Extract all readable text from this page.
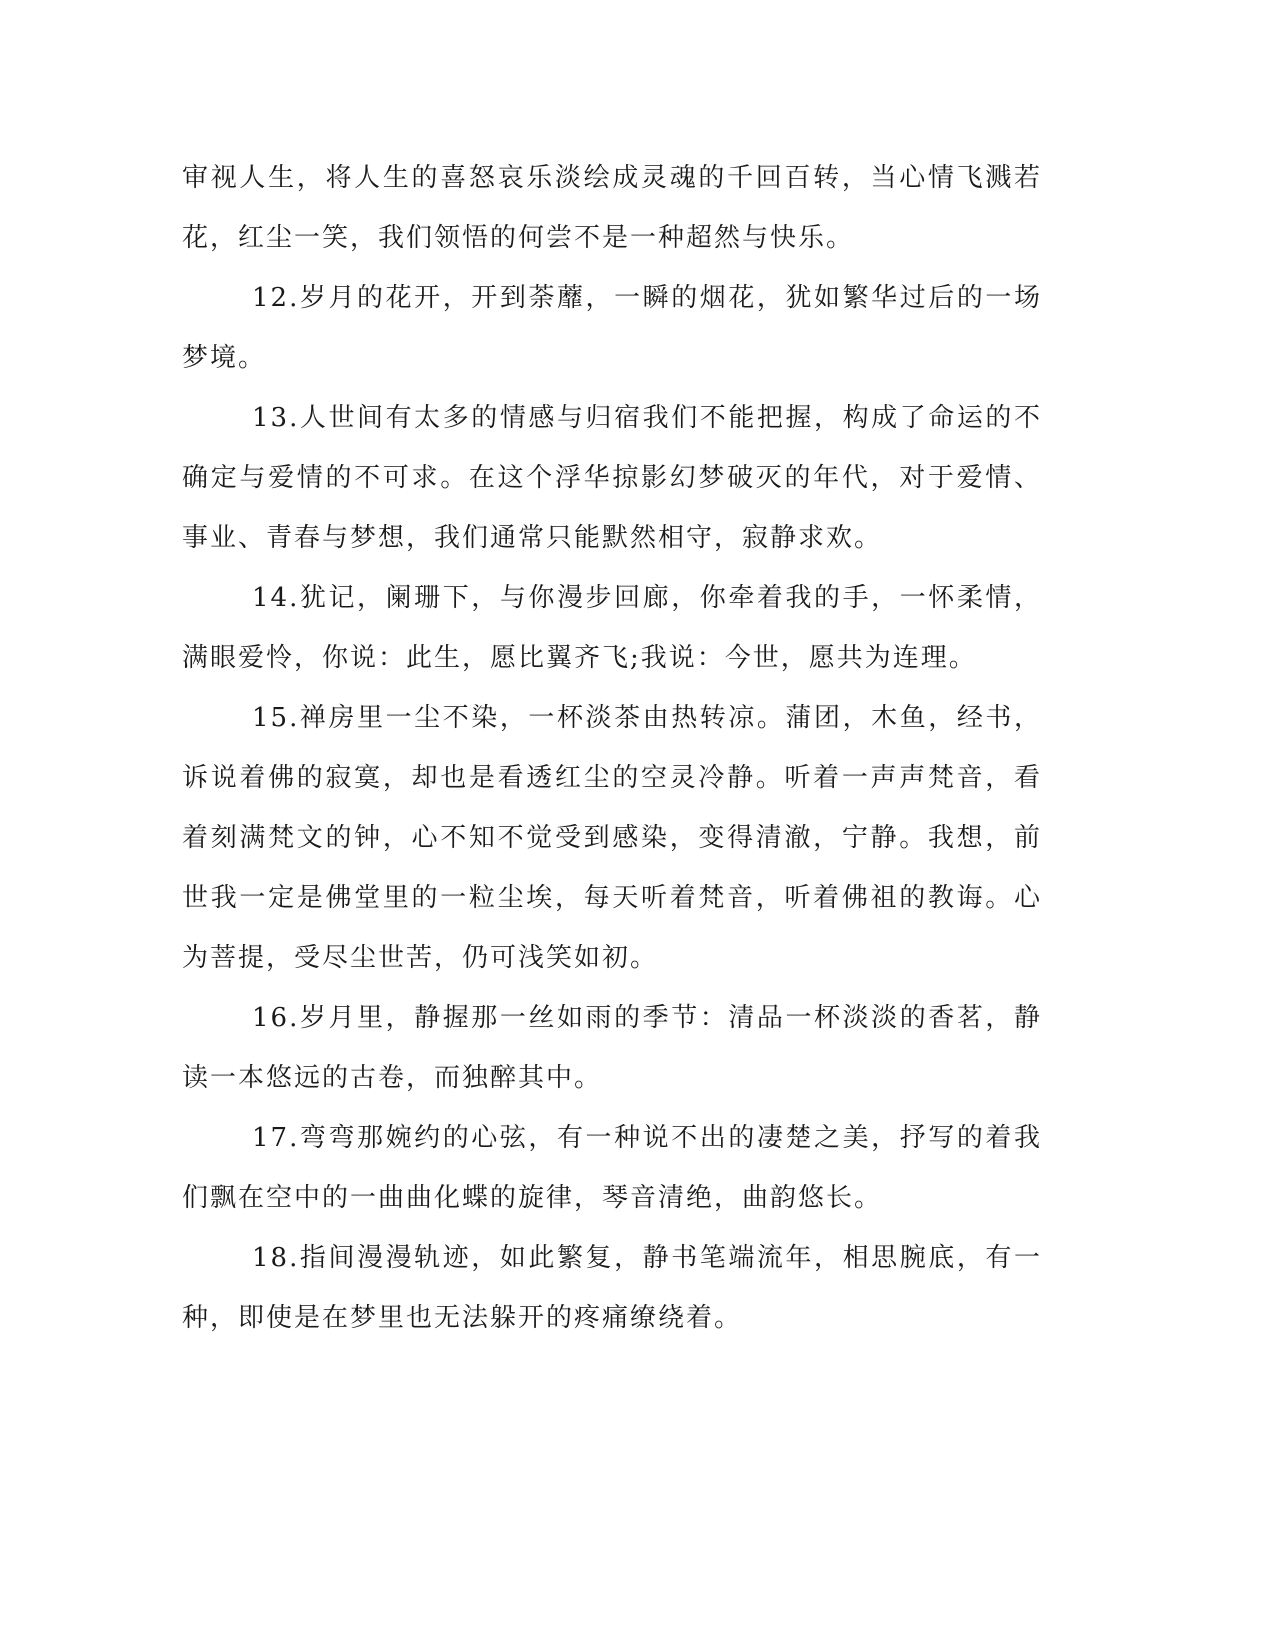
审视人生，将人生的喜怒哀乐淡绘成灵魂的千回百转，当心情飞溅若花，红尘一笑，我们领悟的何尝不是一种超然与快乐。

12.岁月的花开，开到荼蘼，一瞬的烟花，犹如繁华过后的一场梦境。

13.人世间有太多的情感与归宿我们不能把握，构成了命运的不确定与爱情的不可求。在这个浮华掠影幻梦破灭的年代，对于爱情、事业、青春与梦想，我们通常只能默然相守，寂静求欢。

14.犹记，阑珊下，与你漫步回廊，你牵着我的手，一怀柔情，满眼爱怜，你说：此生，愿比翼齐飞;我说：今世，愿共为连理。

15.禅房里一尘不染，一杯淡茶由热转凉。蒲团，木鱼，经书，诉说着佛的寂寞，却也是看透红尘的空灵冷静。听着一声声梵音，看着刻满梵文的钟，心不知不觉受到感染，变得清澈，宁静。我想，前世我一定是佛堂里的一粒尘埃，每天听着梵音，听着佛祖的教诲。心为菩提，受尽尘世苦，仍可浅笑如初。

16.岁月里，静握那一丝如雨的季节：清品一杯淡淡的香茗，静读一本悠远的古卷，而独醉其中。

17.弯弯那婉约的心弦，有一种说不出的凄楚之美，抒写的着我们飘在空中的一曲曲化蝶的旋律，琴音清绝，曲韵悠长。

18.指间漫漫轨迹，如此繁复，静书笔端流年，相思腕底，有一种，即使是在梦里也无法躲开的疼痛缭绕着。
